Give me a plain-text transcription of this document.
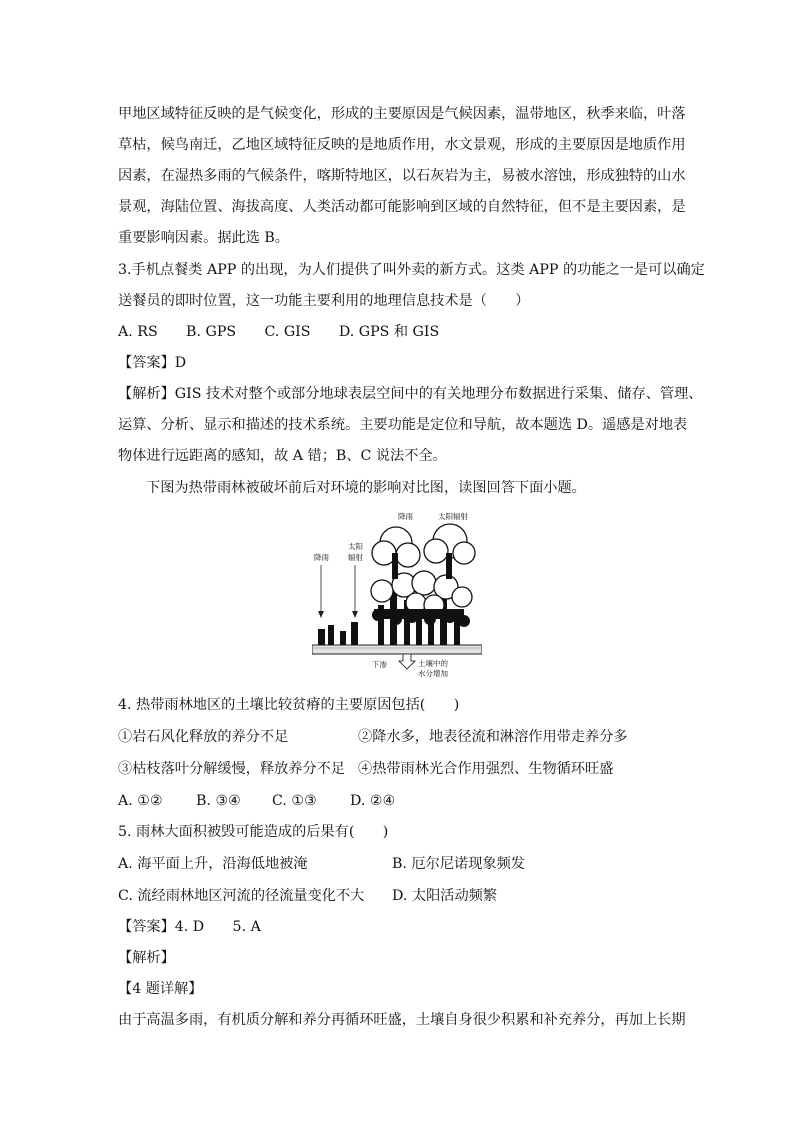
甲地区域特征反映的是气候变化，形成的主要原因是气候因素，温带地区，秋季来临，叶落
草枯，候鸟南迁，乙地区域特征反映的是地质作用，水文景观，形成的主要原因是地质作用
因素，在湿热多雨的气候条件，喀斯特地区，以石灰岩为主，易被水溶蚀，形成独特的山水
景观，海陆位置、海拔高度、人类活动都可能影响到区域的自然特征，但不是主要因素，是
重要影响因素。据此选 B。
3.手机点餐类 APP 的出现，为人们提供了叫外卖的新方式。这类 APP 的功能之一是可以确定
送餐员的即时位置，这一功能主要利用的地理信息技术是（　　）
A. RS　　B. GPS　　C. GIS　　D. GPS 和 GIS
【答案】D
【解析】GIS 技术对整个或部分地球表层空间中的有关地理分布数据进行采集、储存、管理、
运算、分析、显示和描述的技术系统。主要功能是定位和导航，故本题选 D。遥感是对地表
物体进行远距离的感知，故 A 错；B、C 说法不全。
下图为热带雨林被破坏前后对环境的影响对比图，读图回答下面小题。
降雨
太阳
辐射
降雨	太阳辐射
下渗	土壤中的
水分增加
4. 热带雨林地区的土壤比较贫瘠的主要原因包括(　　)
①岩石风化释放的养分不足	②降水多，地表径流和淋溶作用带走养分多
③枯枝落叶分解缓慢，释放养分不足 ④热带雨林光合作用强烈、生物循环旺盛
A. ①② B. ③④ C. ①③ D. ②④
5. 雨林大面积被毁可能造成的后果有(　　)
A. 海平面上升，沿海低地被淹	B. 厄尔尼诺现象频发
C. 流经雨林地区河流的径流量变化不大	D. 太阳活动频繁
【答案】4. D　　5. A
【解析】
【4 题详解】
由于高温多雨，有机质分解和养分再循环旺盛，土壤自身很少积累和补充养分，再加上长期
